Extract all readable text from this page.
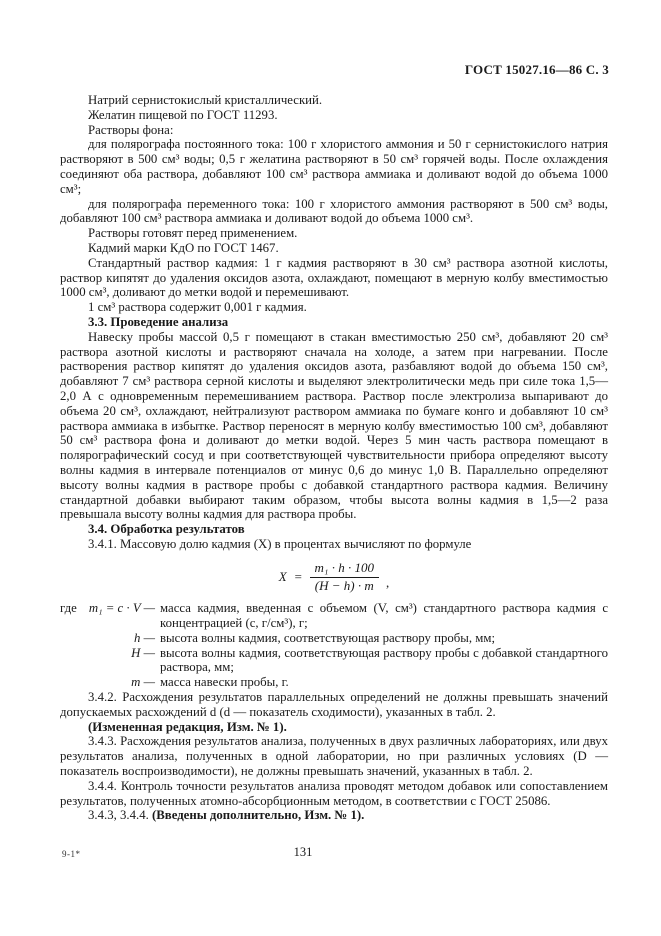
ГОСТ 15027.16—86 С. 3

Натрий сернистокислый кристаллический.

Желатин пищевой по ГОСТ 11293.

Растворы фона:

для полярографа постоянного тока: 100 г хлористого аммония и 50 г сернистокислого натрия растворяют в 500 см³ воды; 0,5 г желатина растворяют в 50 см³ горячей воды. После охлаждения соединяют оба раствора, добавляют 100 см³ раствора аммиака и доливают водой до объема 1000 см³;

для полярографа переменного тока: 100 г хлористого аммония растворяют в 500 см³ воды, добавляют 100 см³ раствора аммиака и доливают водой до объема 1000 см³.

Растворы готовят перед применением.

Кадмий марки КдО по ГОСТ 1467.

Стандартный раствор кадмия: 1 г кадмия растворяют в 30 см³ раствора азотной кислоты, раствор кипятят до удаления оксидов азота, охлаждают, помещают в мерную колбу вместимостью 1000 см³, доливают до метки водой и перемешивают.

1 см³ раствора содержит 0,001 г кадмия.

3.3. Проведение анализа

Навеску пробы массой 0,5 г помещают в стакан вместимостью 250 см³, добавляют 20 см³ раствора азотной кислоты и растворяют сначала на холоде, а затем при нагревании. После растворения раствор кипятят до удаления оксидов азота, разбавляют водой до объема 150 см³, добавляют 7 см³ раствора серной кислоты и выделяют электролитически медь при силе тока 1,5—2,0 А с одновременным перемешиванием раствора. Раствор после электролиза выпаривают до объема 20 см³, охлаждают, нейтрализуют раствором аммиака по бумаге конго и добавляют 10 см³ раствора аммиака в избытке. Раствор переносят в мерную колбу вместимостью 100 см³, добавляют 50 см³ раствора фона и доливают до метки водой. Через 5 мин часть раствора помещают в полярографический сосуд и при соответствующей чувствительности прибора определяют высоту волны кадмия в интервале потенциалов от минус 0,6 до минус 1,0 В. Параллельно определяют высоту волны кадмия в растворе пробы с добавкой стандартного раствора кадмия. Величину стандартной добавки выбирают таким образом, чтобы высота волны кадмия в 1,5—2 раза превышала высоту волны кадмия для раствора пробы.

3.4. Обработка результатов

3.4.1. Массовую долю кадмия (X) в процентах вычисляют по формуле

$X = \frac{\text{m₁ · h · 100}}{(H - h) \cdot m}$ ,
где m₁ = c · V — масса кадмия, введенная с объемом (V, см³) стандартного раствора кадмия с концентрацией (c, г/см³), г;
h — высота волны кадмия, соответствующая раствору пробы, мм;
H — высота волны кадмия, соответствующая раствору пробы с добавкой стандартного раствора, мм;
m — масса навески пробы, г.

3.4.2. Расхождения результатов параллельных определений не должны превышать значений допускаемых расхождений d (d — показатель сходимости), указанных в табл. 2.

(Измененная редакция, Изм. № 1).

3.4.3. Расхождения результатов анализа, полученных в двух различных лабораториях, или двух результатов анализа, полученных в одной лаборатории, но при различных условиях (D — показатель воспроизводимости), не должны превышать значений, указанных в табл. 2.

3.4.4. Контроль точности результатов анализа проводят методом добавок или сопоставлением результатов, полученных атомно-абсорбционным методом, в соответствии с ГОСТ 25086.

3.4.3, 3.4.4. (Введены дополнительно, Изм. № 1).

9-1*	131
